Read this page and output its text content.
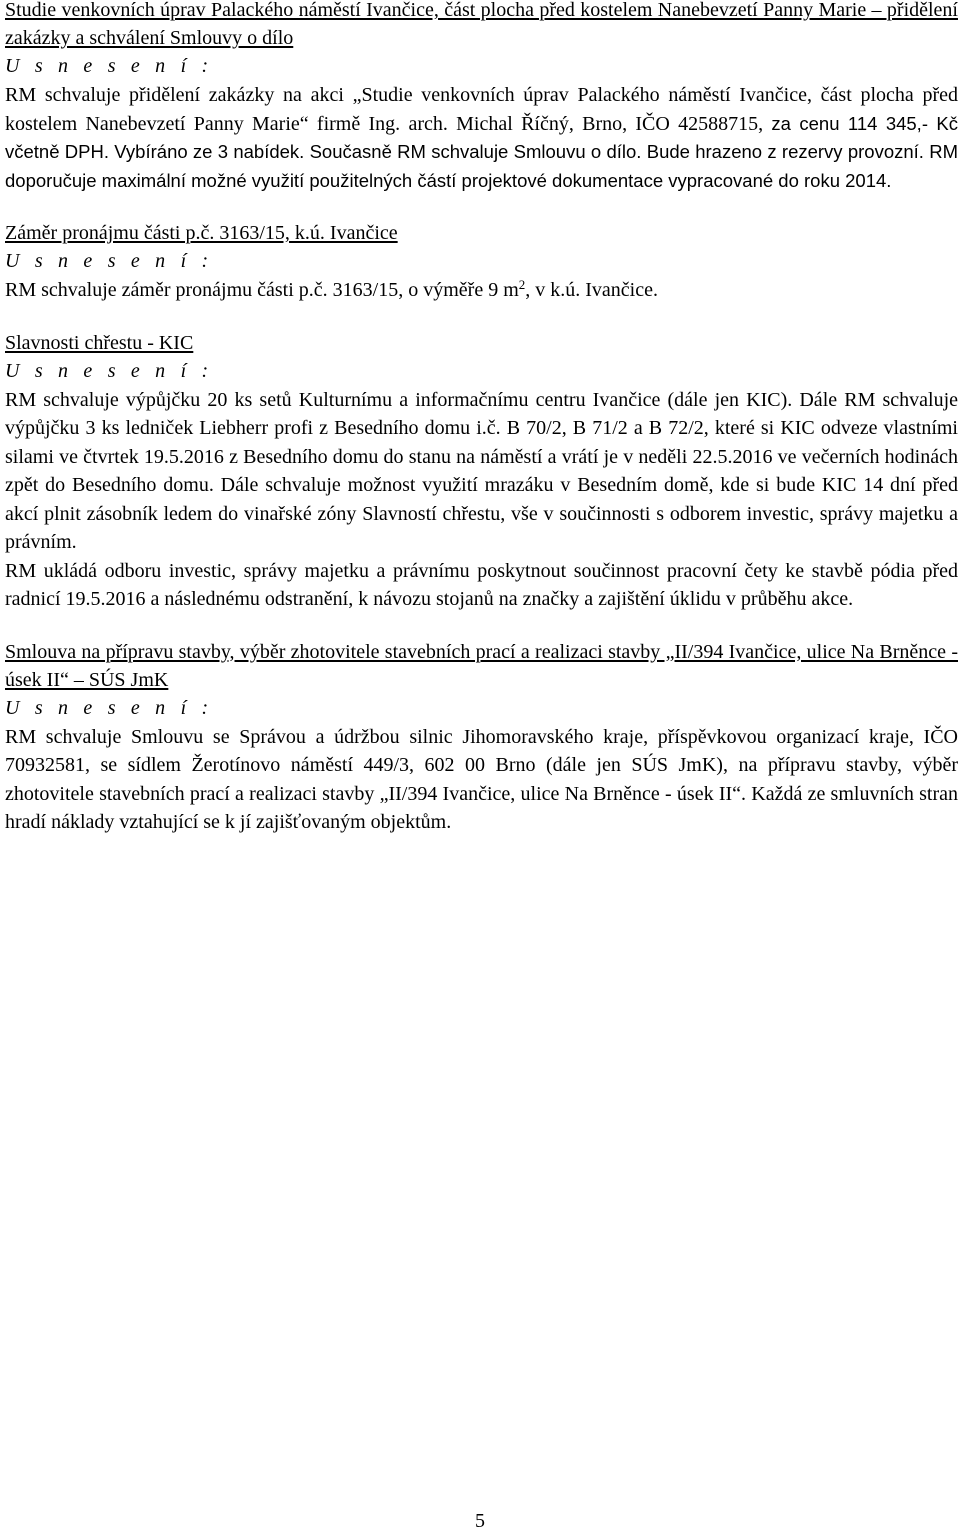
Studie venkovních úprav Palackého náměstí Ivančice, část plocha před kostelem Nanebevzetí Panny Marie – přidělení zakázky a schválení Smlouvy o dílo

U s n e s e n í :

RM schvaluje přidělení zakázky na akci „Studie venkovních úprav Palackého náměstí Ivančice, část plocha před kostelem Nanebevzetí Panny Marie“ firmě Ing. arch. Michal Říčný, Brno, IČO 42588715, za cenu 114 345,- Kč včetně DPH. Vybíráno ze 3 nabídek. Současně RM schvaluje Smlouvu o dílo. Bude hrazeno z rezervy provozní. RM doporučuje maximální možné využití použitelných částí projektové dokumentace vypracované do roku 2014.

Záměr pronájmu části p.č. 3163/15, k.ú. Ivančice

U s n e s e n í :

RM schvaluje záměr pronájmu části p.č. 3163/15, o výměře 9 $m^2$, v k.ú. Ivančice.

Slavnosti chřestu - KIC

U s n e s e n í :

RM schvaluje výpůjčku 20 ks setů Kulturnímu a informačnímu centru Ivančice (dále jen KIC). Dále RM schvaluje výpůjčku 3 ks ledniček Liebherr profi z Besedního domu i.č. B 70/2, B 71/2 a B 72/2, které si KIC odveze vlastními silami ve čtvrtek 19.5.2016 z Besedního domu do stanu na náměstí a vrátí je v neděli 22.5.2016 ve večerních hodinách zpět do Besedního domu. Dále schvaluje možnost využití mrazáku v Besedním domě, kde si bude KIC 14 dní před akcí plnit zásobník ledem do vinařské zóny Slavností chřestu, vše v součinnosti s odborem investic, správy majetku a právním.

RM ukládá odboru investic, správy majetku a právnímu poskytnout součinnost pracovní čety ke stavbě pódia před radnicí 19.5.2016 a následnému odstranění, k návozu stojanů na značky a zajištění úklidu v průběhu akce.

Smlouva na přípravu stavby, výběr zhotovitele stavebních prací a realizaci stavby „II/394 Ivančice, ulice Na Brněnce - úsek II“ – SÚS JmK

U s n e s e n í :

RM schvaluje Smlouvu se Správou a údržbou silnic Jihomoravského kraje, příspěvkovou organizací kraje, IČO 70932581, se sídlem Žerotínovo náměstí 449/3, 602 00 Brno (dále jen SÚS JmK), na přípravu stavby, výběr zhotovitele stavebních prací a realizaci stavby „II/394 Ivančice, ulice Na Brněnce - úsek II“. Každá ze smluvních stran hradí náklady vztahující se k jí zajišťovaným objektům.

5
